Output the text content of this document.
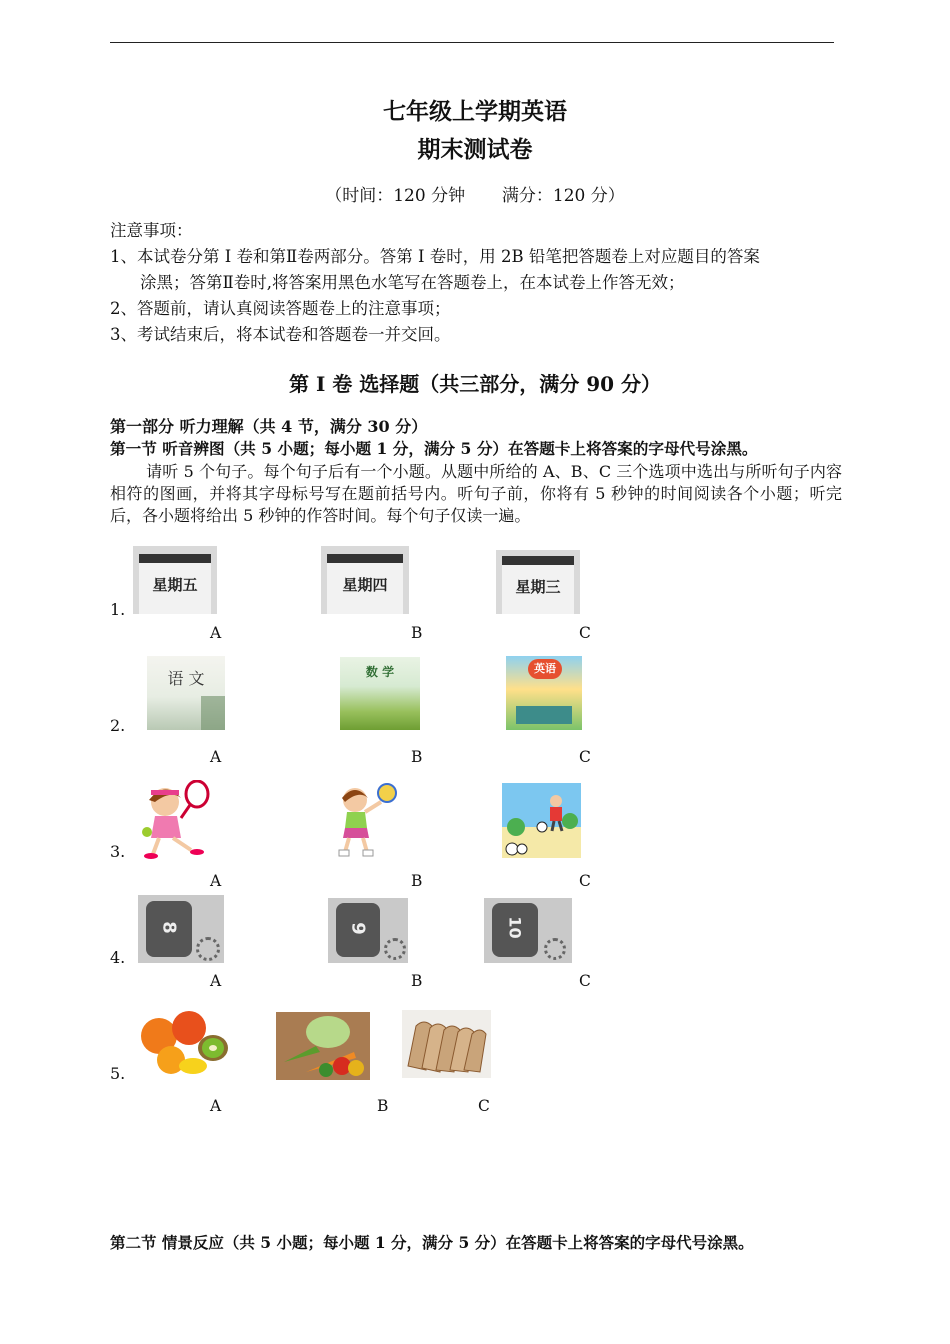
七年级上学期英语
期末测试卷
（时间：120 分钟 满分：120 分）
注意事项：
1、本试卷分第 I 卷和第Ⅱ卷两部分。答第 I 卷时，用 2B 铅笔把答题卷上对应题目的答案
涂黑；答第Ⅱ卷时,将答案用黑色水笔写在答题卷上，在本试卷上作答无效；
2、答题前，请认真阅读答题卷上的注意事项；
3、考试结束后，将本试卷和答题卷一并交回。
第 I 卷 选择题（共三部分，满分 90 分）
第一部分 听力理解（共 4 节，满分 30 分）
第一节 听音辨图（共 5 小题；每小题 1 分，满分 5 分）在答题卡上将答案的字母代号涂黑。
请听 5 个句子。每个句子后有一个小题。从题中所给的 A、B、C 三个选项中选出与所听句子内容相符的图画，并将其字母标号写在题前括号内。听句子前，你将有 5 秒钟的时间阅读各个小题；听完后，各小题将给出 5 秒钟的作答时间。每个句子仅读一遍。
1.
星期五	星期四	星期三
A	B	C
2.
语 文	数 学	英语
A	B	C
3.
A	B	C
4.
8	9	10
A	B	C
5.
A	B	C
第二节 情景反应（共 5 小题；每小题 1 分，满分 5 分）在答题卡上将答案的字母代号涂黑。
